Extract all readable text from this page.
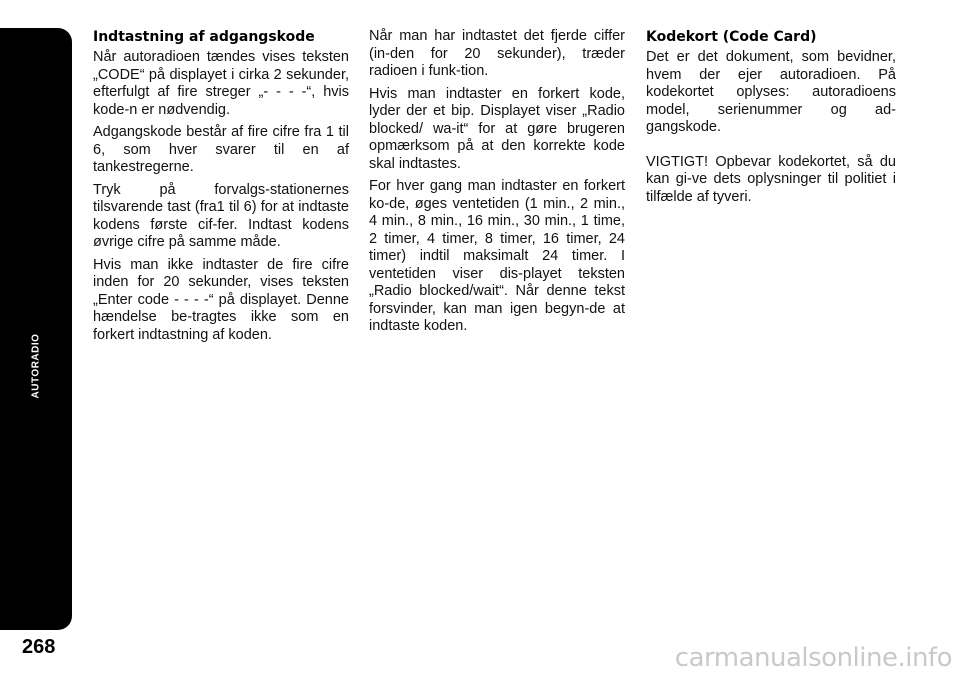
AUTORADIO
268
Indtastning af adgangskode

Når autoradioen tændes vises teksten „CODE“ på displayet i cirka 2 sekunder, efterfulgt af fire streger „- - - -“, hvis kode-n er nødvendig.

Adgangskode består af fire cifre fra 1 til 6, som hver svarer til en af tankestregerne.

Tryk på forvalgs-stationernes tilsvarende tast (fra1 til 6) for at indtaste kodens første cif-fer. Indtast kodens øvrige cifre på samme måde.

Hvis man ikke indtaster de fire cifre inden for 20 sekunder, vises teksten „Enter code - - - -“ på displayet. Denne hændelse be-tragtes ikke som en forkert indtastning af koden.

Når man har indtastet det fjerde ciffer (in-den for 20 sekunder), træder radioen i funk-tion.

Hvis man indtaster en forkert kode, lyder der et bip. Displayet viser „Radio blocked/ wa-it“ for at gøre brugeren opmærksom på at den korrekte kode skal indtastes.

For hver gang man indtaster en forkert ko-de, øges ventetiden (1 min., 2 min., 4 min., 8 min., 16 min., 30 min., 1 time, 2 timer, 4 timer, 8 timer, 16 timer, 24 timer) indtil maksimalt 24 timer. I ventetiden viser dis-playet teksten „Radio blocked/wait“. Når denne tekst forsvinder, kan man igen begyn-de at indtaste koden.

Kodekort (Code Card)

Det er det dokument, som bevidner, hvem der ejer autoradioen. På kodekortet oplyses: autoradioens model, serienummer og ad-gangskode.

VIGTIGT! Opbevar kodekortet, så du kan gi-ve dets oplysninger til politiet i tilfælde af tyveri.

carmanualsonline.info
